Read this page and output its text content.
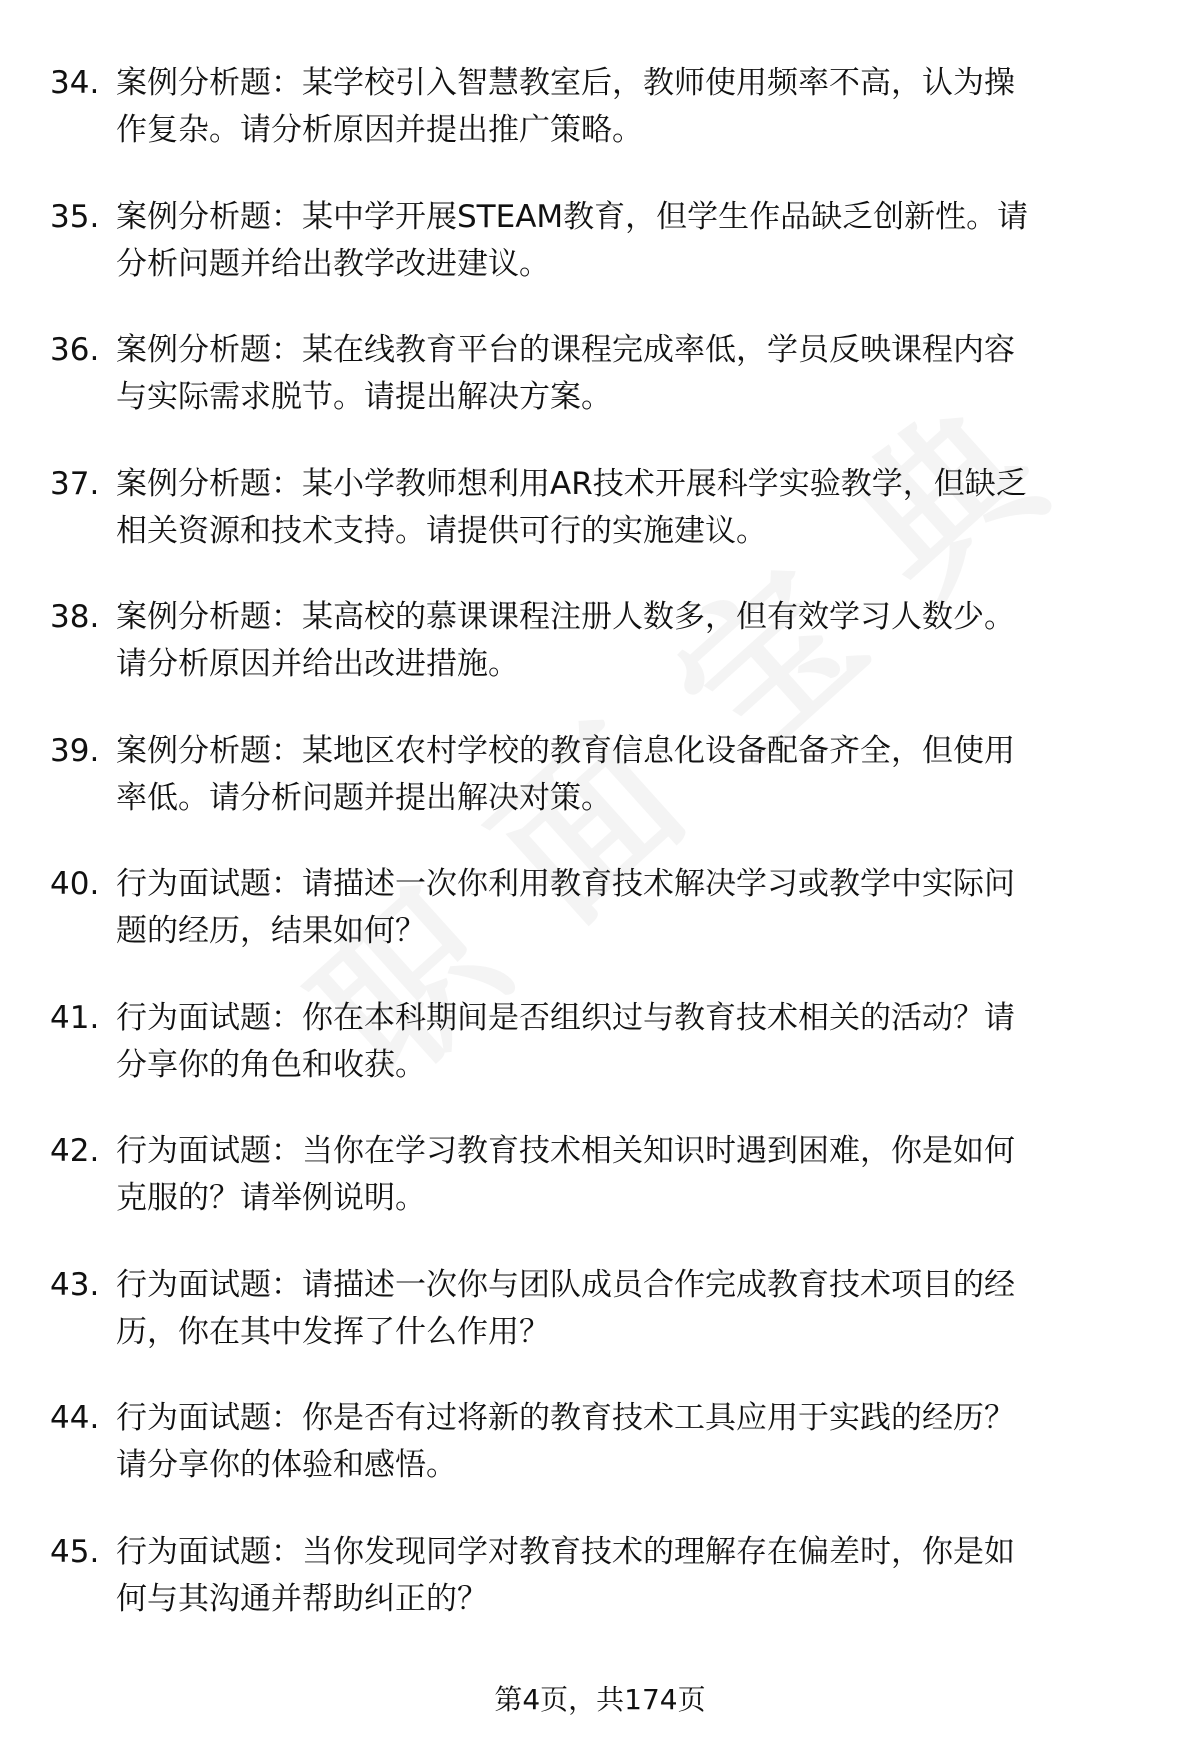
34. 案例分析题：某学校引入智慧教室后，教师使用频率不高，认为操作复杂。请分析原因并提出推广策略。
35. 案例分析题：某中学开展STEAM教育，但学生作品缺乏创新性。请分析问题并给出教学改进建议。
36. 案例分析题：某在线教育平台的课程完成率低，学员反映课程内容与实际需求脱节。请提出解决方案。
37. 案例分析题：某小学教师想利用AR技术开展科学实验教学，但缺乏相关资源和技术支持。请提供可行的实施建议。
38. 案例分析题：某高校的慕课课程注册人数多，但有效学习人数少。请分析原因并给出改进措施。
39. 案例分析题：某地区农村学校的教育信息化设备配备齐全，但使用率低。请分析问题并提出解决对策。
40. 行为面试题：请描述一次你利用教育技术解决学习或教学中实际问题的经历，结果如何？
41. 行为面试题：你在本科期间是否组织过与教育技术相关的活动？请分享你的角色和收获。
42. 行为面试题：当你在学习教育技术相关知识时遇到困难，你是如何克服的？请举例说明。
43. 行为面试题：请描述一次你与团队成员合作完成教育技术项目的经历，你在其中发挥了什么作用？
44. 行为面试题：你是否有过将新的教育技术工具应用于实践的经历？请分享你的体验和感悟。
45. 行为面试题：当你发现同学对教育技术的理解存在偏差时，你是如何与其沟通并帮助纠正的？
第4页，共174页
